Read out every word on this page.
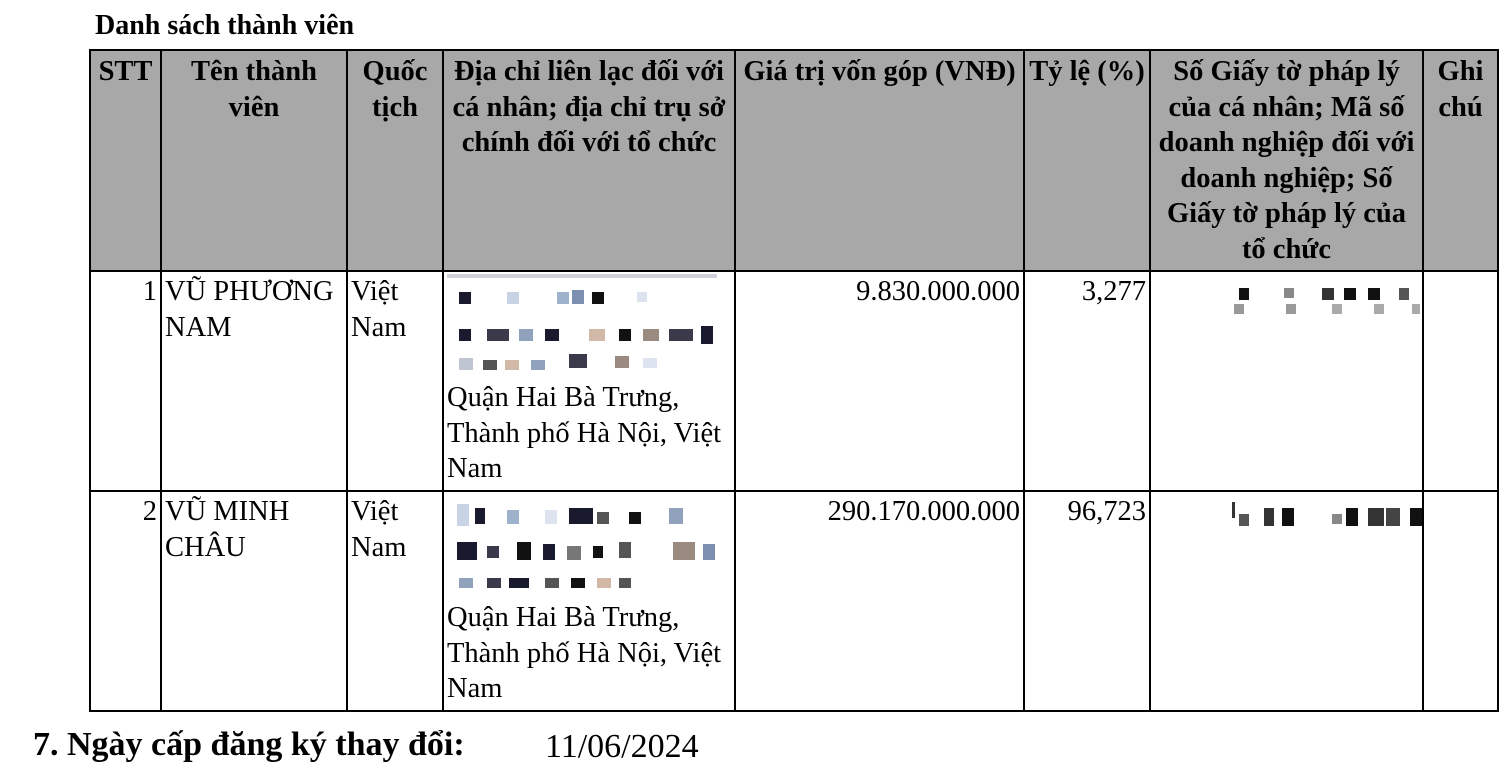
Danh sách thành viên
STT	Tên thành viên	Quốc tịch	Địa chỉ liên lạc đối với cá nhân; địa chỉ trụ sở chính đối với tổ chức	Giá trị vốn góp (VNĐ)	Tỷ lệ (%)	Số Giấy tờ pháp lý của cá nhân; Mã số doanh nghiệp đối với doanh nghiệp; Số Giấy tờ pháp lý của tổ chức	Ghi chú
1	VŨ PHƯƠNG NAM	Việt Nam	Quận Hai Bà Trưng, Thành phố Hà Nội, Việt Nam	9.830.000.000	3,277	

2	VŨ MINH CHÂU	Việt Nam	Quận Hai Bà Trưng, Thành phố Hà Nội, Việt Nam	290.170.000.000	96,723	

7. Ngày cấp đăng ký thay đổi: 11/06/2024
